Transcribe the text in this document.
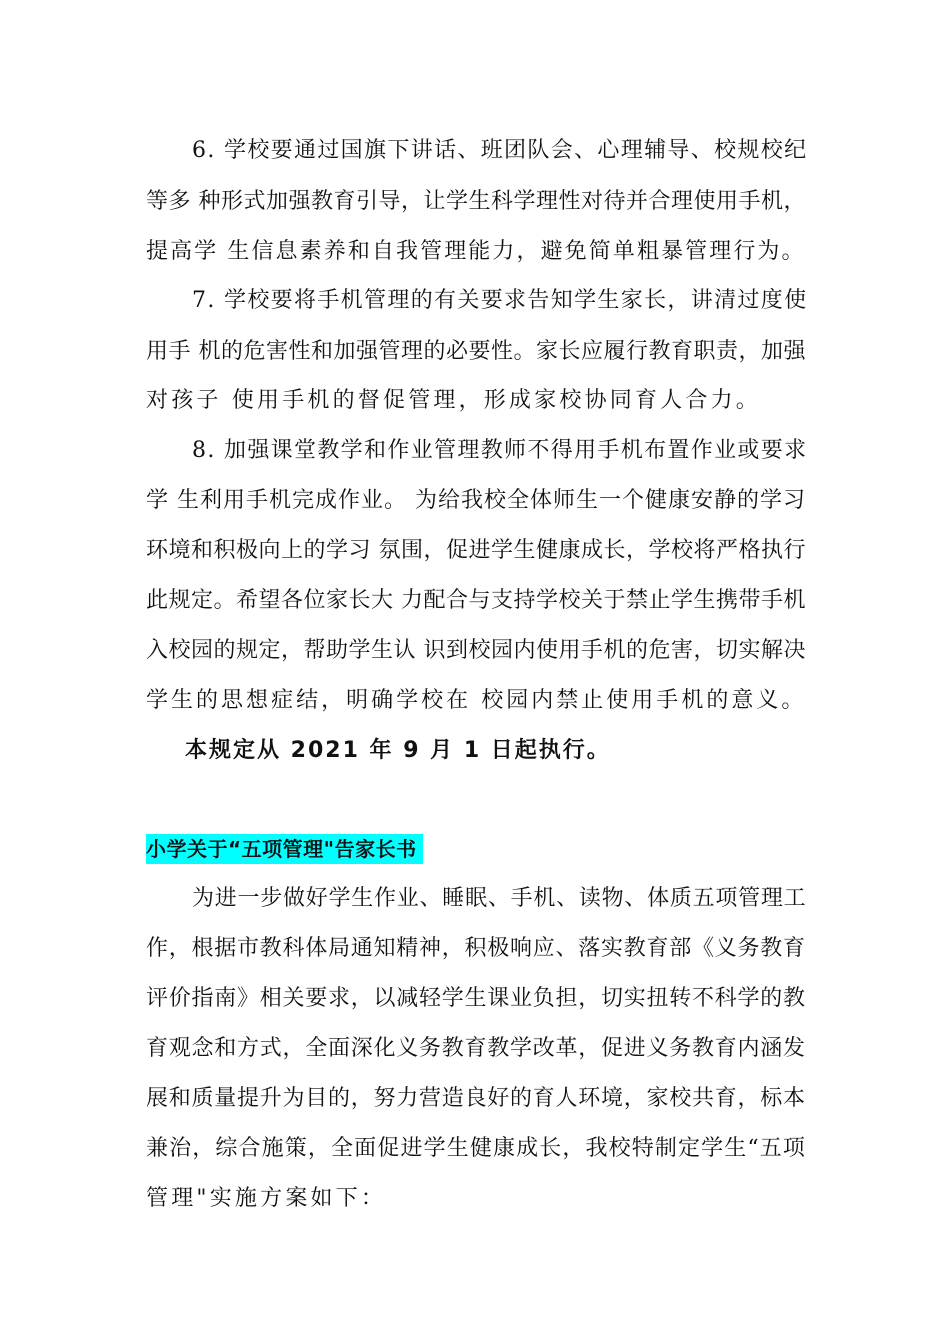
6. 学校要通过国旗下讲话、班团队会、心理辅导、校规校纪
等多 种形式加强教育引导，让学生科学理性对待并合理使用手机，
提高学 生信息素养和自我管理能力，避免简单粗暴管理行为。
7. 学校要将手机管理的有关要求告知学生家长，讲清过度使
用手 机的危害性和加强管理的必要性。家长应履行教育职责，加强
对孩子 使用手机的督促管理，形成家校协同育人合力。
8. 加强课堂教学和作业管理教师不得用手机布置作业或要求
学 生利用手机完成作业。 为给我校全体师生一个健康安静的学习
环境和积极向上的学习 氛围，促进学生健康成长，学校将严格执行
此规定。希望各位家长大 力配合与支持学校关于禁止学生携带手机
入校园的规定，帮助学生认 识到校园内使用手机的危害，切实解决
学生的思想症结，明确学校在 校园内禁止使用手机的意义。
本规定从 2021 年 9 月 1 日起执行。
小学关于“五项管理"告家长书
为进一步做好学生作业、睡眠、手机、读物、体质五项管理工
作，根据市教科体局通知精神，积极响应、落实教育部《义务教育
评价指南》相关要求，以减轻学生课业负担，切实扭转不科学的教
育观念和方式，全面深化义务教育教学改革，促进义务教育内涵发
展和质量提升为目的，努力营造良好的育人环境，家校共育，标本
兼治，综合施策，全面促进学生健康成长，我校特制定学生“五项
管理"实施方案如下：
